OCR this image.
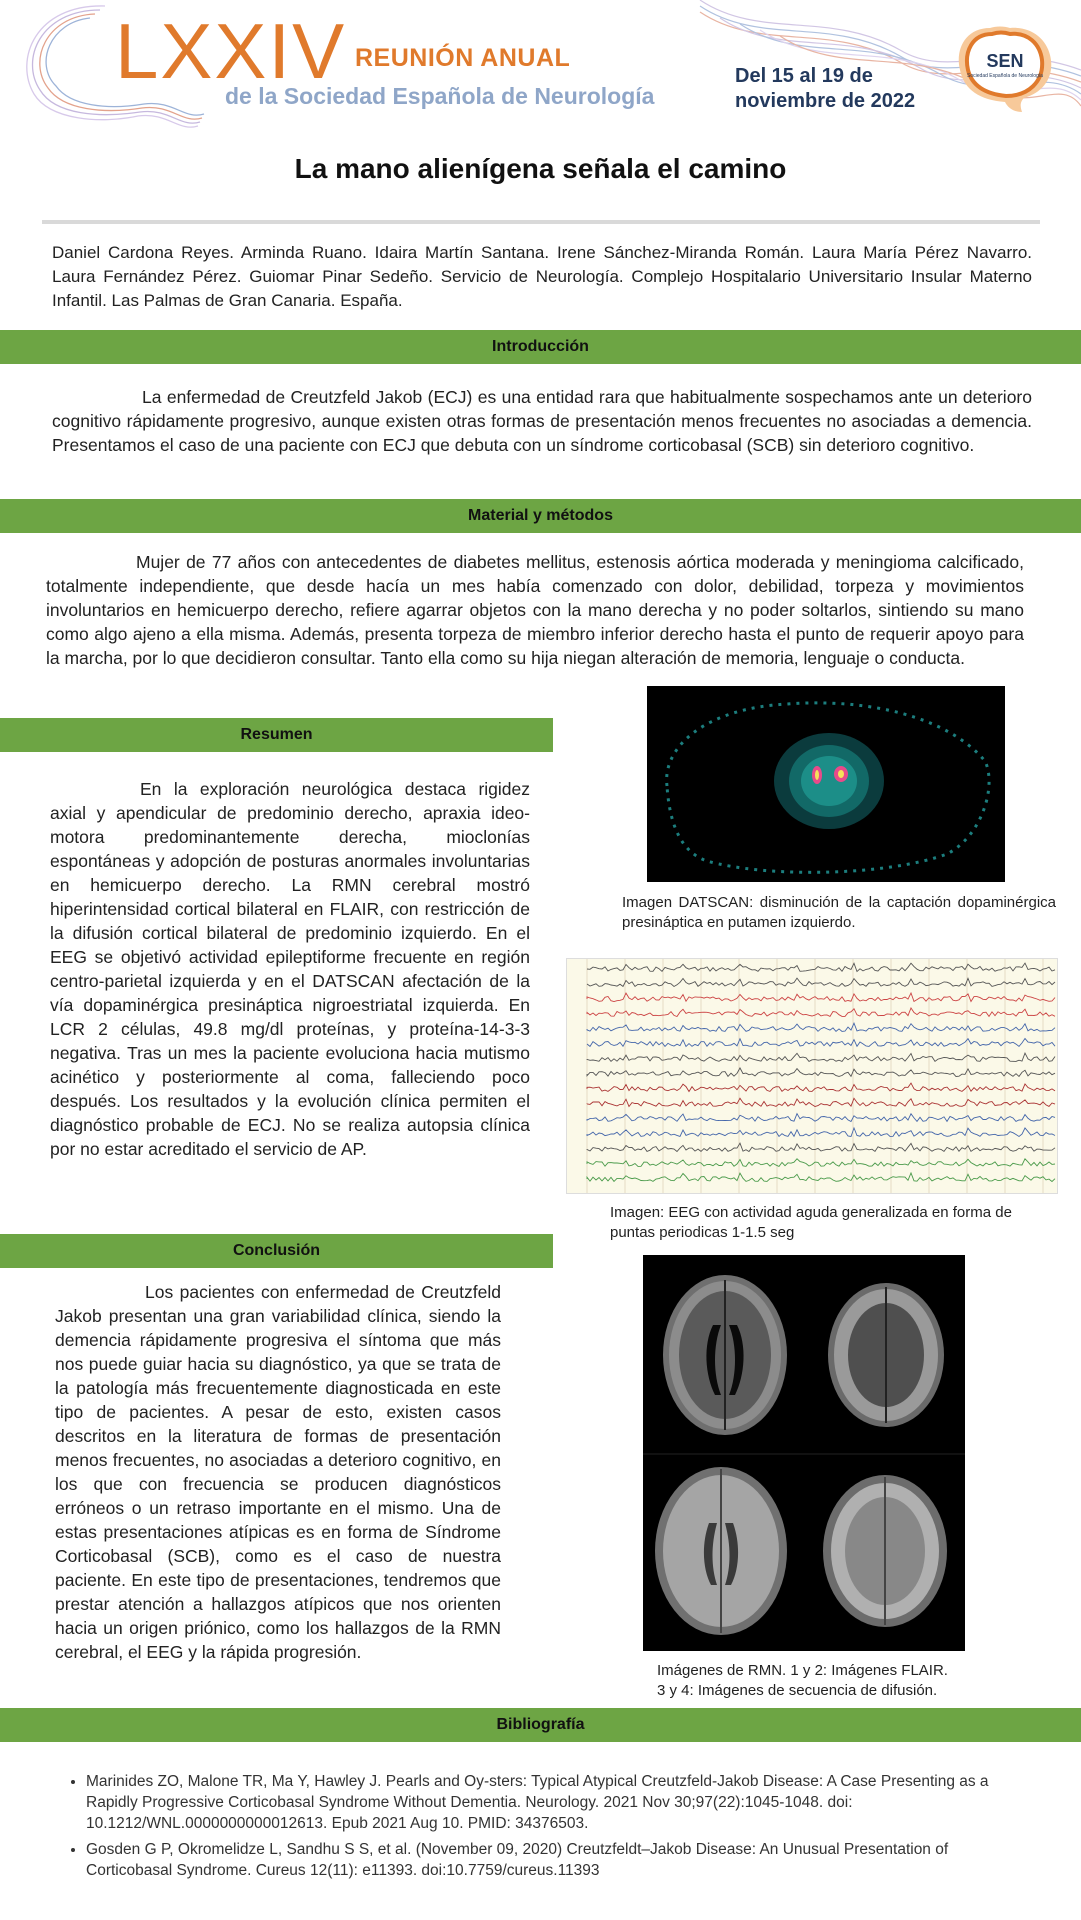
LXXIV REUNIÓN ANUAL
de la Sociedad Española de Neurología
Del 15 al 19 de
noviembre de 2022
SEN
Sociedad Española de Neurología
La mano alienígena señala el camino
Daniel Cardona Reyes. Arminda Ruano. Idaira Martín Santana. Irene Sánchez-Miranda Román. Laura María Pérez Navarro. Laura Fernández Pérez. Guiomar Pinar Sedeño. Servicio de Neurología. Complejo Hospitalario Universitario Insular Materno Infantil. Las Palmas de Gran Canaria. España.
Introducción
La enfermedad de Creutzfeld Jakob (ECJ) es una entidad rara que habitualmente sospechamos ante un deterioro cognitivo rápidamente progresivo, aunque existen otras formas de presentación menos frecuentes no asociadas a demencia. Presentamos el caso de una paciente con ECJ que debuta con un síndrome corticobasal (SCB) sin deterioro cognitivo.
Material y métodos
Mujer de 77 años con antecedentes de diabetes mellitus, estenosis aórtica moderada y meningioma calcificado, totalmente independiente, que desde hacía un mes había comenzado con dolor, debilidad, torpeza y movimientos involuntarios en hemicuerpo derecho, refiere agarrar objetos con la mano derecha y no poder soltarlos, sintiendo su mano como algo ajeno a ella misma. Además, presenta torpeza de miembro inferior derecho hasta el punto de requerir apoyo para la marcha, por lo que decidieron consultar. Tanto ella como su hija niegan alteración de memoria, lenguaje o conducta.
Resumen
En la exploración neurológica destaca rigidez axial y apendicular de predominio derecho, apraxia ideo-motora predominantemente derecha, mioclonías espontáneas y adopción de posturas anormales involuntarias en hemicuerpo derecho. La RMN cerebral mostró hiperintensidad cortical bilateral en FLAIR, con restricción de la difusión cortical bilateral de predominio izquierdo. En el EEG se objetivó actividad epileptiforme frecuente en región centro-parietal izquierda y en el DATSCAN afectación de la vía dopaminérgica presináptica nigroestriatal izquierda. En LCR 2 células, 49.8 mg/dl proteínas, y proteína-14-3-3 negativa. Tras un mes la paciente evoluciona hacia mutismo acinético y posteriormente al coma, falleciendo poco después. Los resultados y la evolución clínica permiten el diagnóstico probable de ECJ. No se realiza autopsia clínica por no estar acreditado el servicio de AP.
Conclusión
Los pacientes con enfermedad de Creutzfeld Jakob presentan una gran variabilidad clínica, siendo la demencia rápidamente progresiva el síntoma que más nos puede guiar hacia su diagnóstico, ya que se trata de la patología más frecuentemente diagnosticada en este tipo de pacientes. A pesar de esto, existen casos descritos en la literatura de formas de presentación menos frecuentes, no asociadas a deterioro cognitivo, en los que con frecuencia se producen diagnósticos erróneos o un retraso importante en el mismo. Una de estas presentaciones atípicas es en forma de Síndrome Corticobasal (SCB), como es el caso de nuestra paciente. En este tipo de presentaciones, tendremos que prestar atención a hallazgos atípicos que nos orienten hacia un origen priónico, como los hallazgos de la RMN cerebral, el EEG y la rápida progresión.
Imagen DATSCAN: disminución de la captación dopaminérgica presináptica en putamen izquierdo.
Imagen: EEG con actividad aguda generalizada en forma de puntas periodicas 1-1.5 seg
Imágenes de RMN. 1 y 2: Imágenes FLAIR.
3 y 4: Imágenes de secuencia de difusión.
Bibliografía
• Marinides ZO, Malone TR, Ma Y, Hawley J. Pearls and Oy-sters: Typical Atypical Creutzfeld-Jakob Disease: A Case Presenting as a Rapidly Progressive Corticobasal Syndrome Without Dementia. Neurology. 2021 Nov 30;97(22):1045-1048. doi: 10.1212/WNL.0000000000012613. Epub 2021 Aug 10. PMID: 34376503.
• Gosden G P, Okromelidze L, Sandhu S S, et al. (November 09, 2020) Creutzfeldt–Jakob Disease: An Unusual Presentation of Corticobasal Syndrome. Cureus 12(11): e11393. doi:10.7759/cureus.11393
